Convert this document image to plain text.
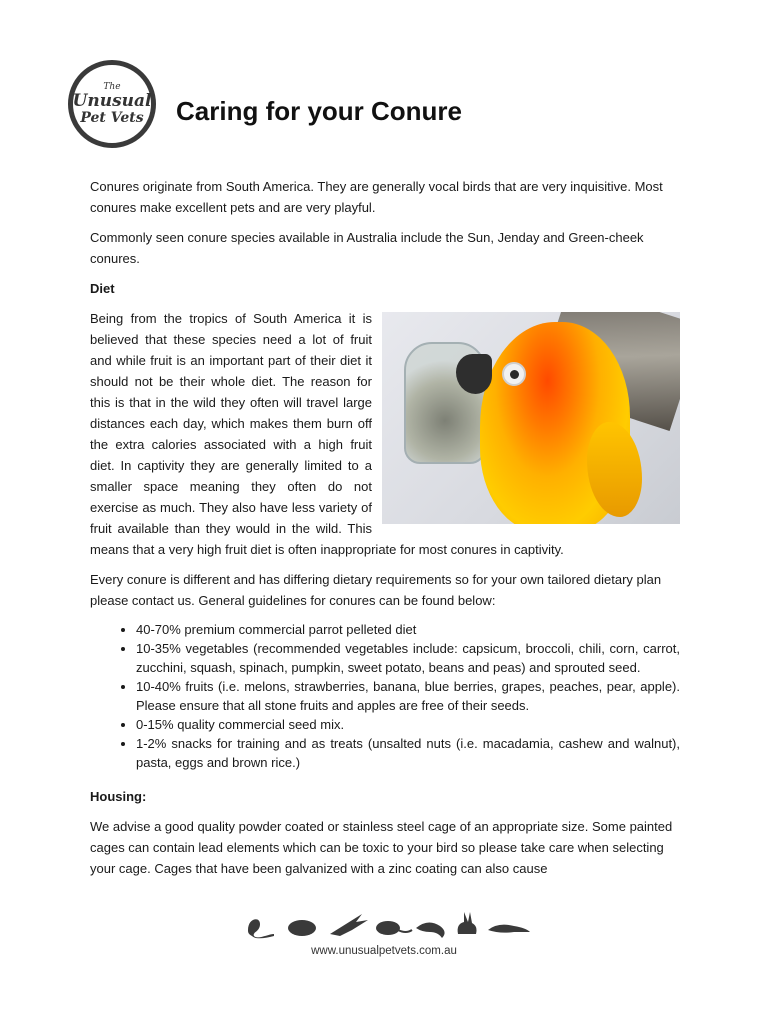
The
Unusual
Pet Vets Caring for your Conure

Conures originate from South America. They are generally vocal birds that are very inquisitive. Most conures make excellent pets and are very playful.

Commonly seen conure species available in Australia include the Sun, Jenday and Green-cheek conures.

Diet

Being from the tropics of South America it is believed that these species need a lot of fruit and while fruit is an important part of their diet it should not be their whole diet. The reason for this is that in the wild they often will travel large distances each day, which makes them burn off the extra calories associated with a high fruit diet. In captivity they are generally limited to a smaller space meaning they often do not exercise as much. They also have less variety of fruit available than they would in the wild. This means that a very high fruit diet is often inappropriate for most conures in captivity.

Every conure is different and has differing dietary requirements so for your own tailored dietary plan please contact us. General guidelines for conures can be found below:

• 40-70% premium commercial parrot pelleted diet
• 10-35% vegetables (recommended vegetables include: capsicum, broccoli, chili, corn, carrot, zucchini, squash, spinach, pumpkin, sweet potato, beans and peas) and sprouted seed.
• 10-40% fruits (i.e. melons, strawberries, banana, blue berries, grapes, peaches, pear, apple). Please ensure that all stone fruits and apples are free of their seeds.
• 0-15% quality commercial seed mix.
• 1-2% snacks for training and as treats (unsalted nuts (i.e. macadamia, cashew and walnut), pasta, eggs and brown rice.)
Housing:

We advise a good quality powder coated or stainless steel cage of an appropriate size. Some painted cages can contain lead elements which can be toxic to your bird so please take care when selecting your cage. Cages that have been galvanized with a zinc coating can also cause

www.unusualpetvets.com.au
